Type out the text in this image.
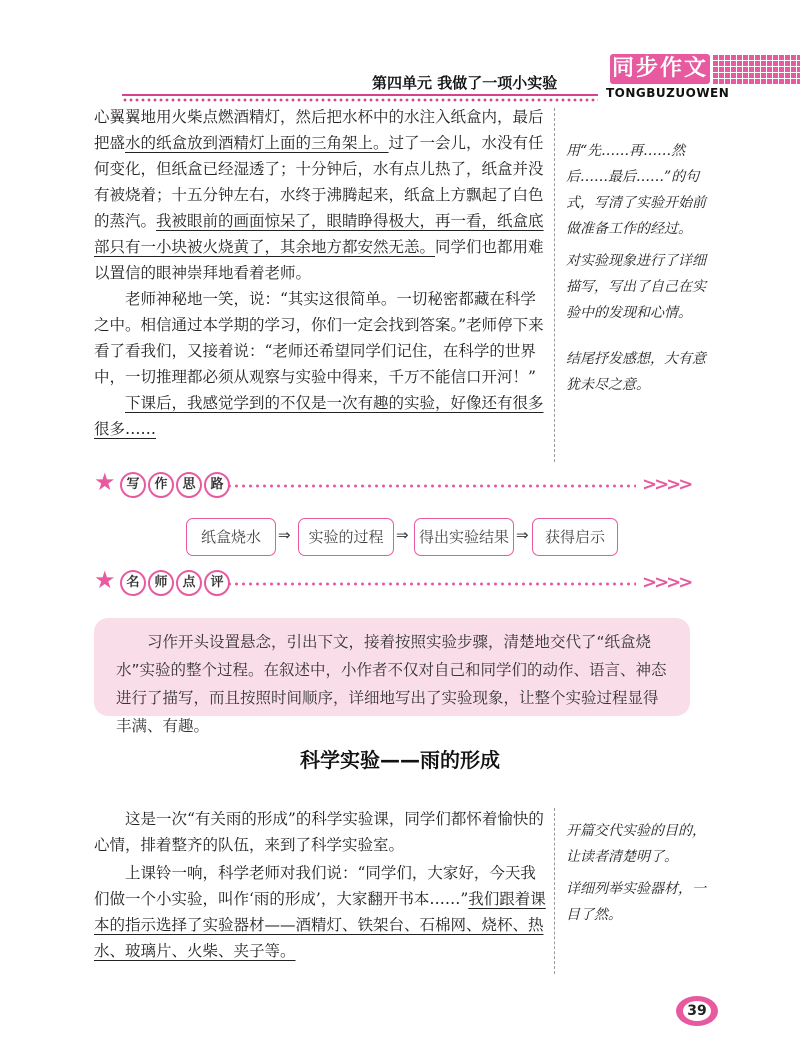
第四单元 我做了一项小实验
同步作文
TONGBUZUOWEN

心翼翼地用火柴点燃酒精灯，然后把水杯中的水注入纸盒内，最后把盛水的纸盒放到酒精灯上面的三角架上。过了一会儿，水没有任何变化，但纸盒已经湿透了；十分钟后，水有点儿热了，纸盒并没有被烧着；十五分钟左右，水终于沸腾起来，纸盒上方飘起了白色的蒸汽。我被眼前的画面惊呆了，眼睛睁得极大，再一看，纸盒底部只有一小块被火烧黄了，其余地方都安然无恙。同学们也都用难以置信的眼神崇拜地看着老师。

老师神秘地一笑，说：“其实这很简单。一切秘密都藏在科学之中。相信通过本学期的学习，你们一定会找到答案。”老师停下来看了看我们，又接着说：“老师还希望同学们记住，在科学的世界中，一切推理都必须从观察与实验中得来，千万不能信口开河！”

下课后，我感觉学到的不仅是一次有趣的实验，好像还有很多很多……

用“先……再……然后……最后……”的句式，写清了实验开始前做准备工作的经过。

对实验现象进行了详细描写，写出了自己在实验中的发现和心情。

结尾抒发感想，大有意犹未尽之意。

★ 写	作	思	路	>>>>
纸盒烧水	⇒	实验的过程 ⇒ 得出实验结果 ⇒	获得启示
★ 名	师	点	评	>>>>

习作开头设置悬念，引出下文，接着按照实验步骤，清楚地交代了“纸盒烧水”实验的整个过程。在叙述中，小作者不仅对自己和同学们的动作、语言、神态进行了描写，而且按照时间顺序，详细地写出了实验现象，让整个实验过程显得丰满、有趣。

科学实验——雨的形成

这是一次“有关雨的形成”的科学实验课，同学们都怀着愉快的心情，排着整齐的队伍，来到了科学实验室。

上课铃一响，科学老师对我们说：“同学们，大家好，今天我们做一个小实验，叫作‘雨的形成’，大家翻开书本……”我们跟着课本的指示选择了实验器材——酒精灯、铁架台、石棉网、烧杯、热水、玻璃片、火柴、夹子等。

开篇交代实验的目的，让读者清楚明了。

详细列举实验器材，一目了然。

39
